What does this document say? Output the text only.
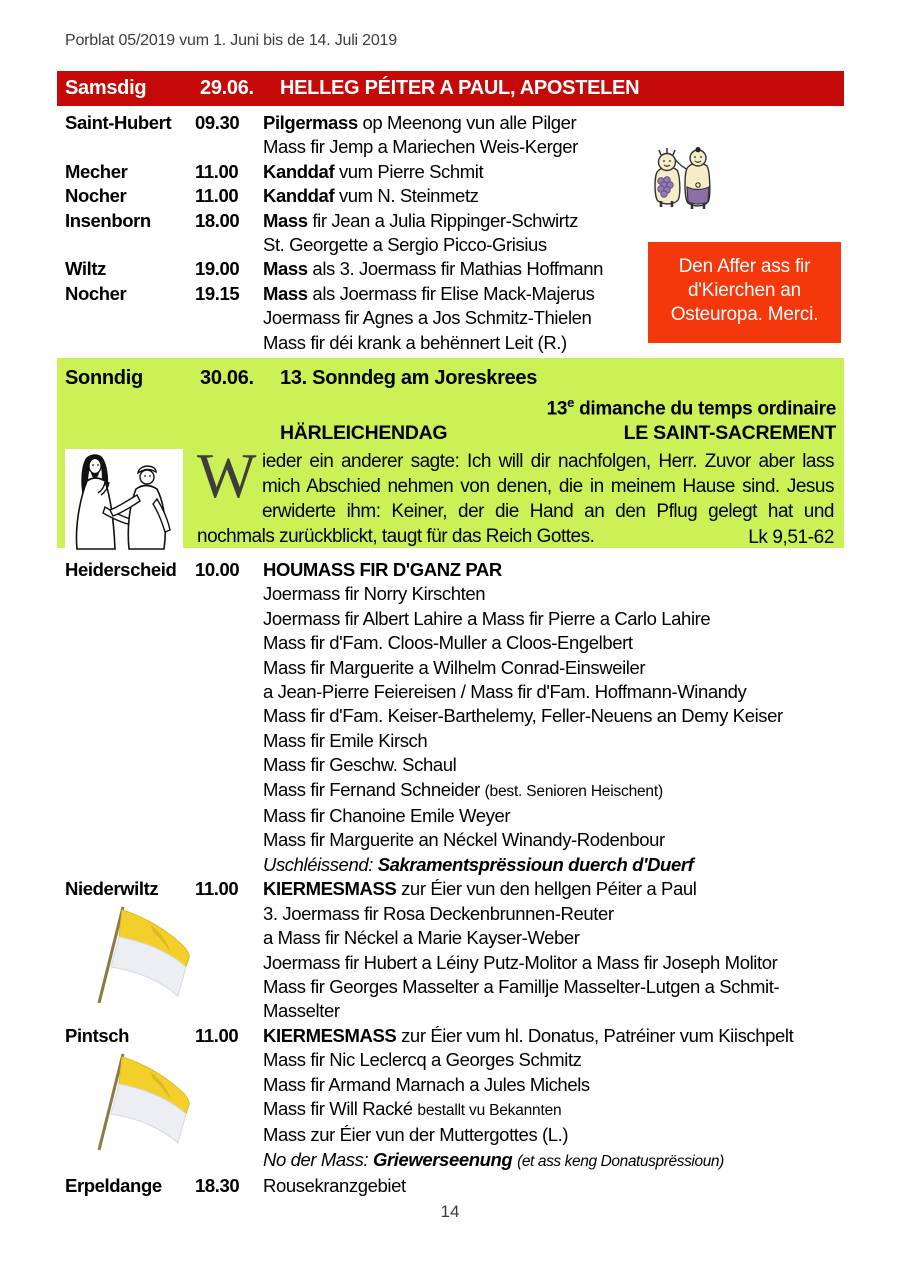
Porblat 05/2019 vum 1. Juni bis de 14. Juli 2019
Samsdig	29.06.	HELLEG PÉITER A PAUL, APOSTELEN
Saint-Hubert	09.30	Pilgermass op Meenong vun alle Pilger
Mass fir Jemp a Mariechen Weis-Kerger
Mecher	11.00	Kanddaf vum Pierre Schmit
Nocher	11.00	Kanddaf vum N. Steinmetz
Insenborn	18.00	Mass fir Jean a Julia Rippinger-Schwirtz
St. Georgette a Sergio Picco-Grisius
Wiltz	19.00	Mass als 3. Joermass fir Mathias Hoffmann
Nocher	19.15	Mass als Joermass fir Elise Mack-Majerus
Joermass fir Agnes a Jos Schmitz-Thielen
Mass fir déi krank a behënnert Leit (R.)
Den Affer ass fir d'Kierchen an Osteuropa. Merci.
Sonndig	30.06.	13. Sonndeg am Joreskrees
13e dimanche du temps ordinaire
HÄRLEICHENDAG	LE SAINT-SACREMENT

Wieder ein anderer sagte: Ich will dir nachfolgen, Herr. Zuvor aber lass mich Abschied nehmen von denen, die in meinem Hause sind. Jesus erwiderte ihm: Keiner, der die Hand an den Pflug gelegt hat und nochmals zurückblickt, taugt für das Reich Gottes.	Lk 9,51-62

Heiderscheid	10.00	HOUMASS FIR D'GANZ PAR
Joermass fir Norry Kirschten
Joermass fir Albert Lahire a Mass fir Pierre a Carlo Lahire
Mass fir d'Fam. Cloos-Muller a Cloos-Engelbert
Mass fir Marguerite a Wilhelm Conrad-Einsweiler
a Jean-Pierre Feiereisen / Mass fir d'Fam. Hoffmann-Winandy
Mass fir d'Fam. Keiser-Barthelemy, Feller-Neuens an Demy Keiser
Mass fir Emile Kirsch
Mass fir Geschw. Schaul
Mass fir Fernand Schneider (best. Senioren Heischent)
Mass fir Chanoine Emile Weyer
Mass fir Marguerite an Néckel Winandy-Rodenbour
Uschléissend: Sakramentsprëssioun duerch d'Duerf
Niederwiltz	11.00	KIERMESMASS zur Éier vun den hellgen Péiter a Paul
3. Joermass fir Rosa Deckenbrunnen-Reuter
a Mass fir Néckel a Marie Kayser-Weber
Joermass fir Hubert a Léiny Putz-Molitor a Mass fir Joseph Molitor
Mass fir Georges Masselter a Famillje Masselter-Lutgen a Schmit-
Masselter
Pintsch	11.00	KIERMESMASS zur Éier vum hl. Donatus, Patréiner vum Kiischpelt
Mass fir Nic Leclercq a Georges Schmitz
Mass fir Armand Marnach a Jules Michels
Mass fir Will Racké bestallt vu Bekannten
Mass zur Éier vun der Muttergottes (L.)
No der Mass: Griewerseenung (et ass keng Donatusprëssioun)
Erpeldange	18.30	Rousekranzgebiet
14
